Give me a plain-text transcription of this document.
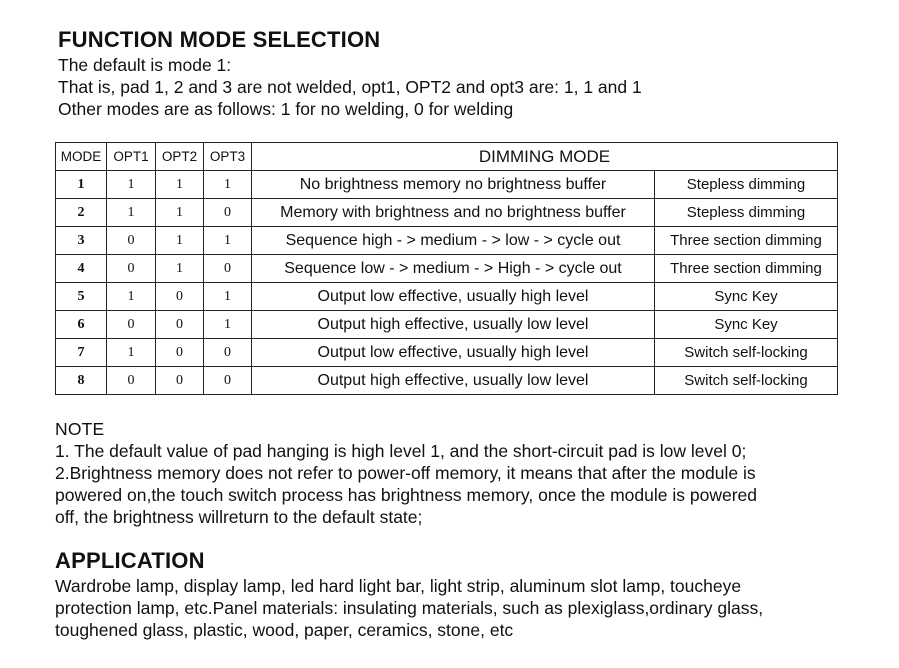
FUNCTION MODE SELECTION
The default is mode 1:
That is, pad 1, 2 and 3 are not welded, opt1, OPT2 and opt3 are: 1, 1 and 1
Other modes are as follows: 1 for no welding, 0 for welding
MODE	OPT1	OPT2	OPT3	DIMMING MODE	
1	1	1	1	No brightness memory no brightness buffer	Stepless dimming
2	1	1	0	Memory with brightness and no brightness buffer	Stepless dimming
3	0	1	1	Sequence high - > medium - > low - > cycle out	Three section dimming
4	0	1	0	Sequence low - > medium - > High - > cycle out	Three section dimming
5	1	0	1	Output low effective, usually high level	Sync Key
6	0	0	1	Output high effective, usually low level	Sync Key
7	1	0	0	Output low effective, usually high level	Switch self-locking
8	0	0	0	Output high effective, usually low level	Switch self-locking
NOTE
1. The default value of pad hanging is high level 1, and the short-circuit pad is low level 0;
2.Brightness memory does not refer to power-off memory, it means that after the module is
powered on,the touch switch process has brightness memory, once the module is powered
off, the brightness willreturn to the default state;
APPLICATION
Wardrobe lamp, display lamp, led hard light bar, light strip, aluminum slot lamp, toucheye
protection lamp, etc.Panel materials: insulating materials, such as plexiglass,ordinary glass,
toughened glass, plastic, wood, paper, ceramics, stone, etc
